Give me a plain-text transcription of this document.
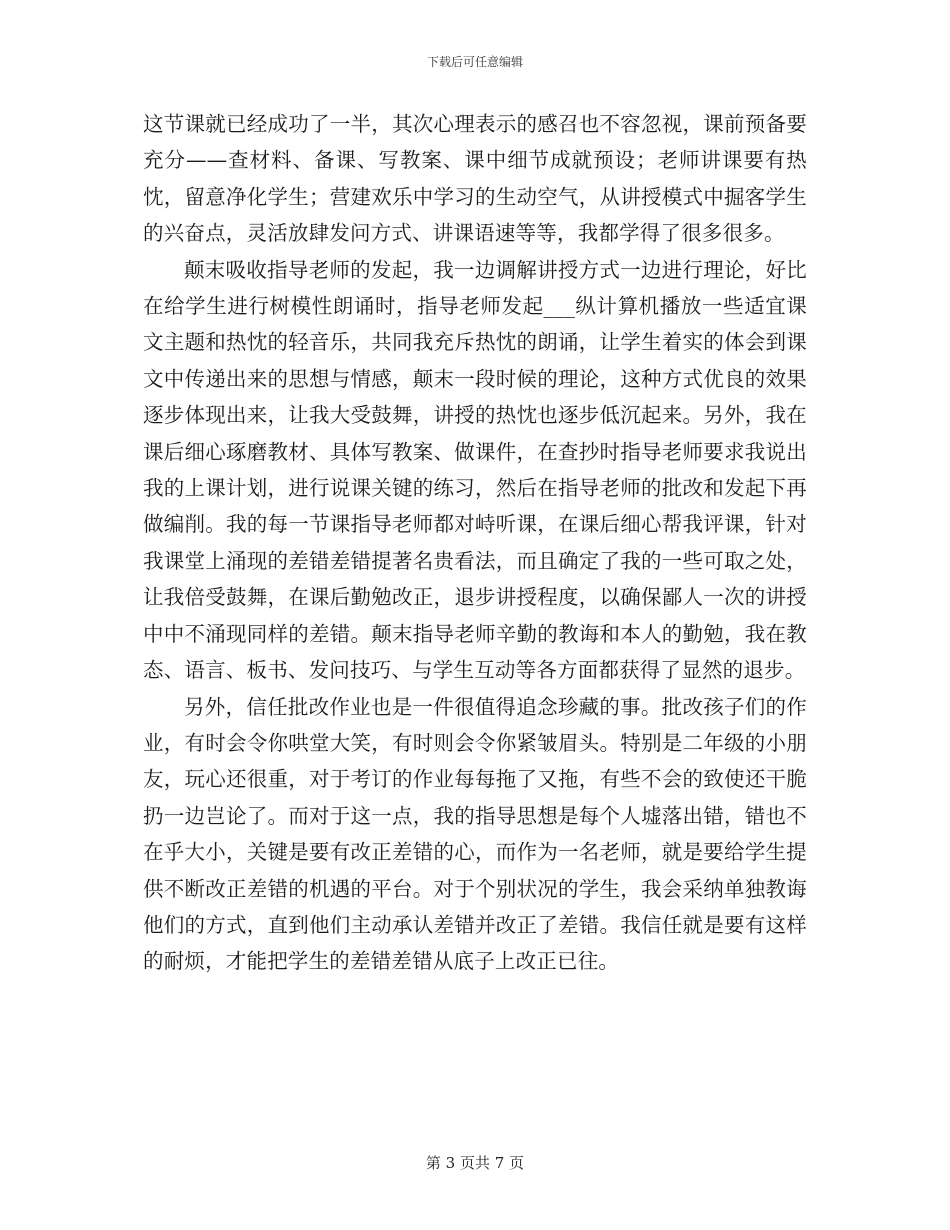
下载后可任意编辑

这节课就已经成功了一半，其次心理表示的感召也不容忽视，课前预备要充分——查材料、备课、写教案、课中细节成就预设；老师讲课要有热忱，留意净化学生；营建欢乐中学习的生动空气，从讲授模式中掘客学生的兴奋点，灵活放肆发问方式、讲课语速等等，我都学得了很多很多。

颠末吸收指导老师的发起，我一边调解讲授方式一边进行理论，好比在给学生进行树模性朗诵时，指导老师发起___纵计算机播放一些适宜课文主题和热忱的轻音乐，共同我充斥热忱的朗诵，让学生着实的体会到课文中传递出来的思想与情感，颠末一段时候的理论，这种方式优良的效果逐步体现出来，让我大受鼓舞，讲授的热忱也逐步低沉起来。另外，我在课后细心琢磨教材、具体写教案、做课件，在查抄时指导老师要求我说出我的上课计划，进行说课关键的练习，然后在指导老师的批改和发起下再做编削。我的每一节课指导老师都对峙听课，在课后细心帮我评课，针对我课堂上涌现的差错差错提著名贵看法，而且确定了我的一些可取之处，让我倍受鼓舞，在课后勤勉改正，退步讲授程度，以确保鄙人一次的讲授中中不涌现同样的差错。颠末指导老师辛勤的教诲和本人的勤勉，我在教态、语言、板书、发问技巧、与学生互动等各方面都获得了显然的退步。

另外，信任批改作业也是一件很值得追念珍藏的事。批改孩子们的作业，有时会令你哄堂大笑，有时则会令你紧皱眉头。特别是二年级的小朋友，玩心还很重，对于考订的作业每每拖了又拖，有些不会的致使还干脆扔一边岂论了。而对于这一点，我的指导思想是每个人墟落出错，错也不在乎大小，关键是要有改正差错的心，而作为一名老师，就是要给学生提供不断改正差错的机遇的平台。对于个别状况的学生，我会采纳单独教诲他们的方式，直到他们主动承认差错并改正了差错。我信任就是要有这样的耐烦，才能把学生的差错差错从底子上改正已往。

第 3 页共 7 页
